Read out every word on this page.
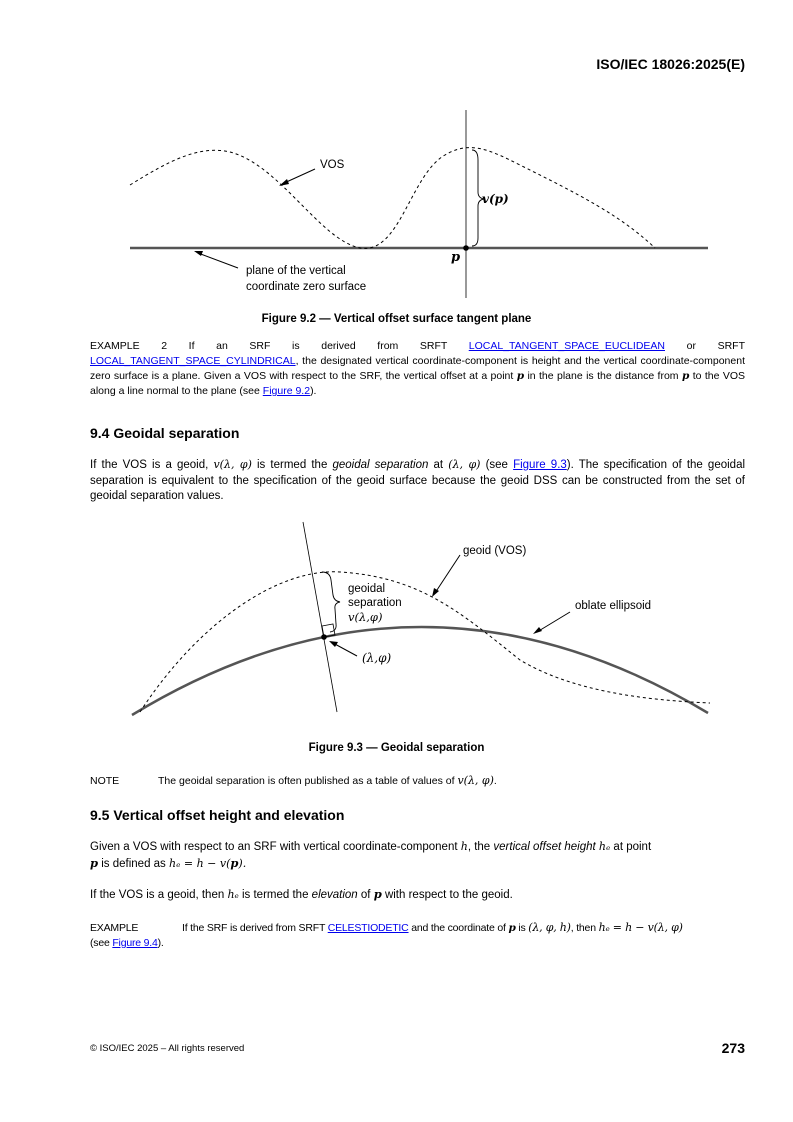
ISO/IEC 18026:2025(E)
VOS
v(p)
p
plane of the vertical
coordinate zero surface
Figure 9.2 — Vertical offset surface tangent plane
EXAMPLE 2 If an SRF is derived from SRFT LOCAL_TANGENT_SPACE_EUCLIDEAN or SRFT LOCAL_TANGENT_SPACE_CYLINDRICAL, the designated vertical coordinate-component is height and the vertical coordinate-component zero surface is a plane. Given a VOS with respect to the SRF, the vertical offset at a point p in the plane is the distance from p to the VOS along a line normal to the plane (see Figure 9.2).
9.4 Geoidal separation
If the VOS is a geoid, v(λ, φ) is termed the geoidal separation at (λ, φ) (see Figure 9.3). The specification of the geoidal separation is equivalent to the specification of the geoid surface because the geoid DSS can be constructed from the set of geoidal separation values.
geoid (VOS)
oblate ellipsoid
geoidal
separation
v(λ,φ)
(λ,φ)
Figure 9.3 — Geoidal separation
NOTE	The geoidal separation is often published as a table of values of v(λ, φ).
9.5 Vertical offset height and elevation
Given a VOS with respect to an SRF with vertical coordinate-component h, the vertical offset height hₑ at point
p is defined as hₑ = h − v(p).
If the VOS is a geoid, then hₑ is termed the elevation of p with respect to the geoid.
EXAMPLE	If the SRF is derived from SRFT CELESTIODETIC and the coordinate of p is (λ, φ, h), then hₑ = h − v(λ, φ)
(see Figure 9.4).
© ISO/IEC 2025 – All rights reserved	273
